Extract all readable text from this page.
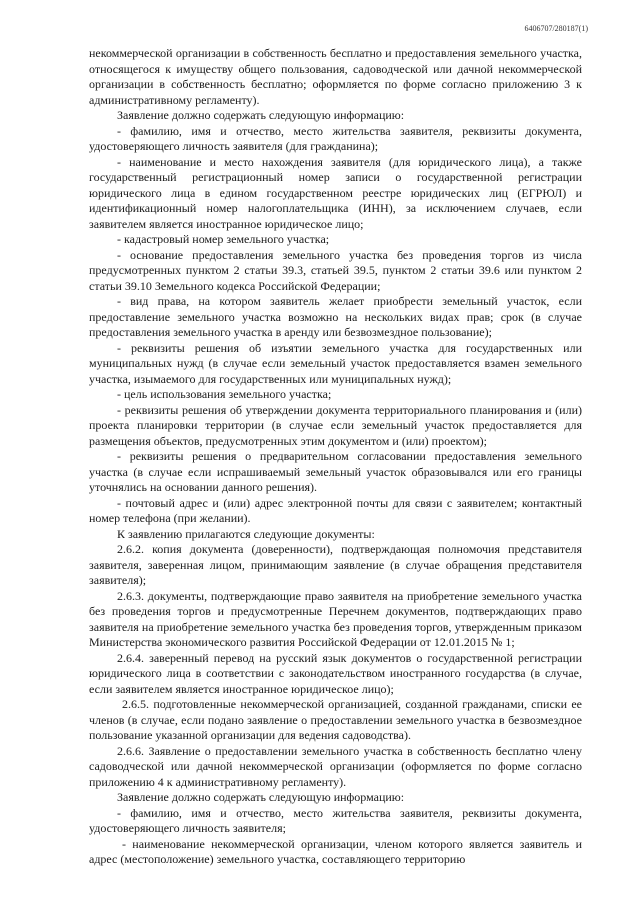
6406707/280187(1)

некоммерческой организации в собственность бесплатно и предоставления земельного участка, относящегося к имуществу общего пользования, садоводческой или дачной некоммерческой организации в собственность бесплатно; оформляется по форме согласно приложению 3 к административному регламенту).

Заявление должно содержать следующую информацию:

- фамилию, имя и отчество, место жительства заявителя, реквизиты документа, удостоверяющего личность заявителя (для гражданина);

- наименование и место нахождения заявителя (для юридического лица), а также государственный регистрационный номер записи о государственной регистрации юридического лица в едином государственном реестре юридических лиц (ЕГРЮЛ) и идентификационный номер налогоплательщика (ИНН), за исключением случаев, если заявителем является иностранное юридическое лицо;

- кадастровый номер земельного участка;

- основание предоставления земельного участка без проведения торгов из числа предусмотренных пунктом 2 статьи 39.3, статьей 39.5, пунктом 2 статьи 39.6 или пунктом 2 статьи 39.10 Земельного кодекса Российской Федерации;

- вид права, на котором заявитель желает приобрести земельный участок, если предоставление земельного участка возможно на нескольких видах прав; срок (в случае предоставления земельного участка в аренду или безвозмездное пользование);

- реквизиты решения об изъятии земельного участка для государственных или муниципальных нужд (в случае если земельный участок предоставляется взамен земельного участка, изымаемого для государственных или муниципальных нужд);

- цель использования земельного участка;

- реквизиты решения об утверждении документа территориального планирования и (или) проекта планировки территории (в случае если земельный участок предоставляется для размещения объектов, предусмотренных этим документом и (или) проектом);

- реквизиты решения о предварительном согласовании предоставления земельного участка (в случае если испрашиваемый земельный участок образовывался или его границы уточнялись на основании данного решения).

- почтовый адрес и (или) адрес электронной почты для связи с заявителем; контактный номер телефона (при желании).

К заявлению прилагаются следующие документы:

2.6.2. копия документа (доверенности), подтверждающая полномочия представителя заявителя, заверенная лицом, принимающим заявление (в случае обращения представителя заявителя);

2.6.3. документы, подтверждающие право заявителя на приобретение земельного участка без проведения торгов и предусмотренные Перечнем документов, подтверждающих право заявителя на приобретение земельного участка без проведения торгов, утвержденным приказом Министерства экономического развития Российской Федерации от 12.01.2015 № 1;

2.6.4. заверенный перевод на русский язык документов о государственной регистрации юридического лица в соответствии с законодательством иностранного государства (в случае, если заявителем является иностранное юридическое лицо);

2.6.5. подготовленные некоммерческой организацией, созданной гражданами, списки ее членов (в случае, если подано заявление о предоставлении земельного участка в безвозмездное пользование указанной организации для ведения садоводства).

2.6.6. Заявление о предоставлении земельного участка в собственность бесплатно члену садоводческой или дачной некоммерческой организации (оформляется по форме согласно приложению 4 к административному регламенту).

Заявление должно содержать следующую информацию:

- фамилию, имя и отчество, место жительства заявителя, реквизиты документа, удостоверяющего личность заявителя;

- наименование некоммерческой организации, членом которого является заявитель и адрес (местоположение) земельного участка, составляющего территорию
